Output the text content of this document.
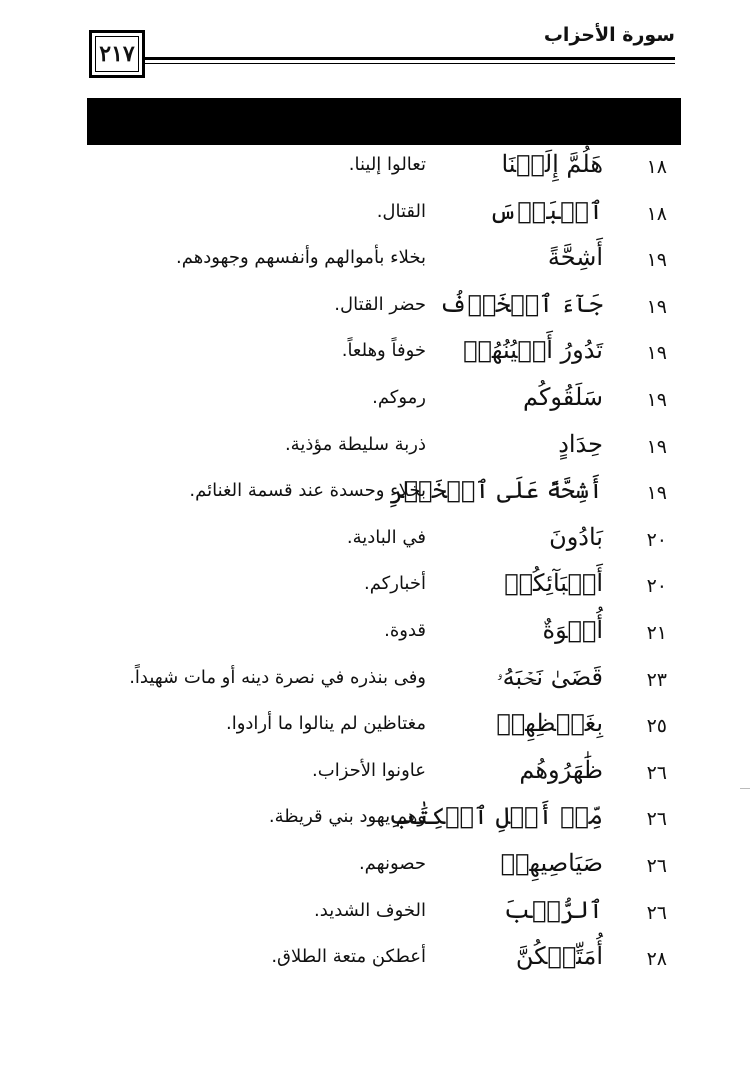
٢١٧
سورة الأحزاب
١٨
هَلُمَّ إِلَيۡنَا
تعالوا إلينا.
١٨
ٱلۡبَأۡسَ
القتال.
١٩
أَشِحَّةً
بخلاء بأموالهم وأنفسهم وجهودهم.
١٩
جَآءَ ٱلۡخَوۡفُ
حضر القتال.
١٩
تَدُورُ أَعۡيُنُهُمۡ
خوفاً وهلعاً.
١٩
سَلَقُوكُم
رموكم.
١٩
حِدَادٍ
ذربة سليطة مؤذية.
١٩
أَشِحَّةً عَلَى ٱلۡخَيۡرِ
بخلاء وحسدة عند قسمة الغنائم.
٢٠
بَادُونَ
في البادية.
٢٠
أَنۢبَآئِكُمۡ
أخباركم.
٢١
أُسۡوَةٌ
قدوة.
٢٣
قَضَىٰ نَحۡبَهُۥ
وفى بنذره في نصرة دينه أو مات شهيداً.
٢٥
بِغَيۡظِهِمۡ
مغتاظين لم ينالوا ما أرادوا.
٢٦
ظَٰهَرُوهُم
عاونوا الأحزاب.
٢٦
مِّنۡ أَهۡلِ ٱلۡكِتَٰبِ
وهم يهود بني قريظة.
٢٦
صَيَاصِيهِمۡ
حصونهم.
٢٦
ٱلرُّعۡبَ
الخوف الشديد.
٢٨
أُمَتِّعۡكُنَّ
أعطكن متعة الطلاق.
